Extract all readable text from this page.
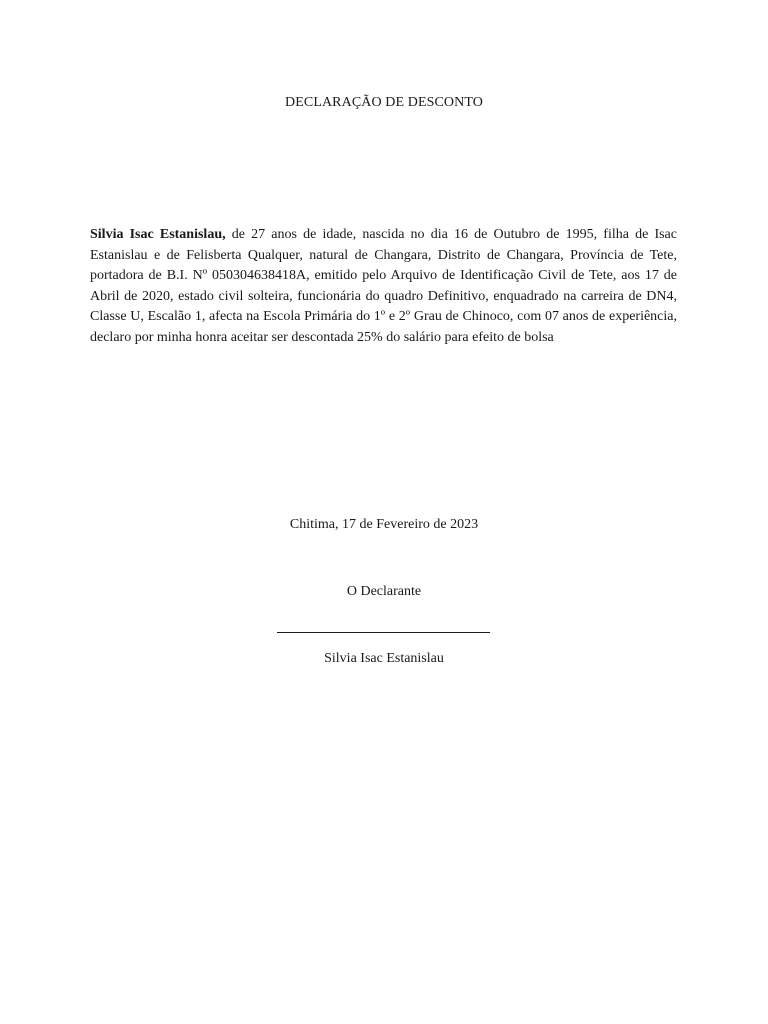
DECLARAÇÃO DE DESCONTO

Silvia Isac Estanislau, de 27 anos de idade, nascida no dia 16 de Outubro de 1995, filha de Isac Estanislau e de Felisberta Qualquer, natural de Changara, Distrito de Changara, Província de Tete, portadora de B.I. Nº 050304638418A, emitido pelo Arquivo de Identificação Civil de Tete, aos 17 de Abril de 2020, estado civil solteira, funcionária do quadro Definitivo, enquadrado na carreira de DN4, Classe U, Escalão 1, afecta na Escola Primária do 1º e 2º Grau de Chinoco, com 07 anos de experiência, declaro por minha honra aceitar ser descontada 25% do salário para efeito de bolsa

Chitima, 17 de Fevereiro de 2023
O Declarante
Silvia Isac Estanislau
